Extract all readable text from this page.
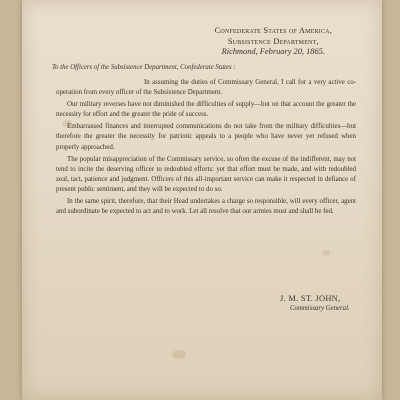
Confederate States of America,
Subsistence Department,
Richmond, February 20, 1865.
To the Officers of the Subsistence Department, Confederate States :

In assuming the duties of Commissary General, I call for a very active co-operation from every officer of the Subsistence Department.

Our military reverses have not diminished the difficulties of supply—but on that account the greater the necessity for effort and the greater the pride of success.

Embarrassed finances and interrupted communications do not take from the military difficulties—but therefore the greater the necessity for patriotic appeals to a people who have never yet refused when properly approached.

The popular misappreciation of the Commissary service, so often the excuse of the indifferent, may not tend to incite the deserving officer to redoubled efforts: yet that effort must be made, and with redoubled zeal, tact, patience and judgment. Officers of this all-important service can make it respected in defiance of present public sentiment, and they will be expected to do so.

In the same spirit, therefore, that their Head undertakes a charge so responsible, will every officer, agent and subordinate be expected to act and to work. Let all resolve that our armies must and shall be fed.

J. M. ST. JOHN,
Commissary General.
